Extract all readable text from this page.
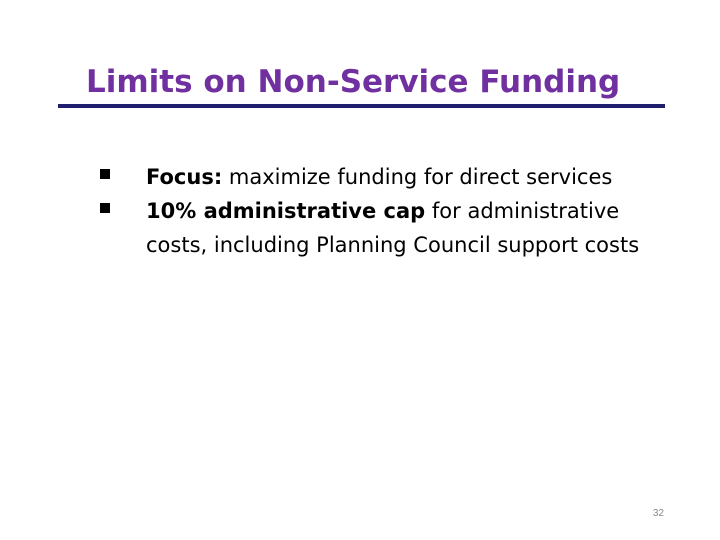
Limits on Non-Service Funding
Focus: maximize funding for direct services
10% administrative cap for administrative costs, including Planning Council support costs
32
